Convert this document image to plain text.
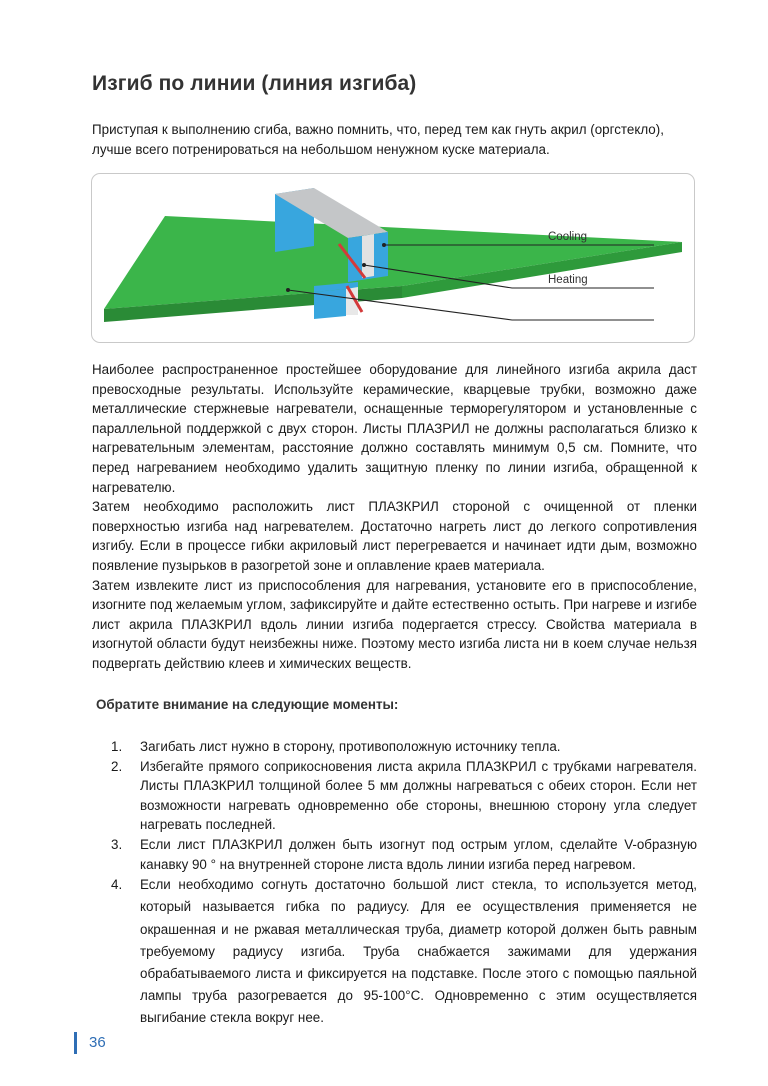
Изгиб по линии (линия изгиба)

Приступая к выполнению сгиба, важно помнить, что, перед тем как гнуть акрил (оргстекло), лучше всего потренироваться на небольшом ненужном куске материала.

Cooling
Heating

Наиболее распространенное простейшее оборудование для линейного изгиба акрила даст превосходные результаты. Используйте керамические, кварцевые трубки, возможно даже металлические стержневые нагреватели, оснащенные терморегулятором и установленные с параллельной поддержкой с двух сторон. Листы ПЛАЗРИЛ не должны располагаться близко к нагревательным элементам, расстояние должно составлять минимум 0,5 см. Помните, что перед нагреванием необходимо удалить защитную пленку по линии изгиба, обращенной к нагревателю.

Затем необходимо расположить лист ПЛАЗКРИЛ стороной с очищенной от пленки поверхностью изгиба над нагревателем. Достаточно нагреть лист до легкого сопротивления изгибу. Если в процессе гибки акриловый лист перегревается и начинает идти дым, возможно появление пузырьков в разогретой зоне и оплавление краев материала.

Затем извлеките лист из приспособления для нагревания, установите его в приспособление, изогните под желаемым углом, зафиксируйте и дайте естественно остыть. При нагреве и изгибе лист акрила ПЛАЗКРИЛ вдоль линии изгиба подергается стрессу. Свойства материала в изогнутой области будут неизбежны ниже. Поэтому место изгиба листа ни в коем случае нельзя подвергать действию клеев и химических веществ.

Обратите внимание на следующие моменты:

1. Загибать лист нужно в сторону, противоположную источнику тепла.
2. Избегайте прямого соприкосновения листа акрила ПЛАЗКРИЛ с трубками нагревателя. Листы ПЛАЗКРИЛ толщиной более 5 мм должны нагреваться с обеих сторон. Если нет возможности нагревать одновременно обе стороны, внешнюю сторону угла следует нагревать последней.
3. Если лист ПЛАЗКРИЛ должен быть изогнут под острым углом, сделайте V-образную канавку 90 ° на внутренней стороне листа вдоль линии изгиба перед нагревом.
4. Если необходимо согнуть достаточно большой лист стекла, то используется метод, который называется гибка по радиусу. Для ее осуществления применяется не окрашенная и не ржавая металлическая труба, диаметр которой должен быть равным требуемому радиусу изгиба. Труба снабжается зажимами для удержания обрабатываемого листа и фиксируется на подставке. После этого с помощью паяльной лампы труба разогревается до 95-100°С. Одновременно с этим осуществляется выгибание стекла вокруг нее.
36
